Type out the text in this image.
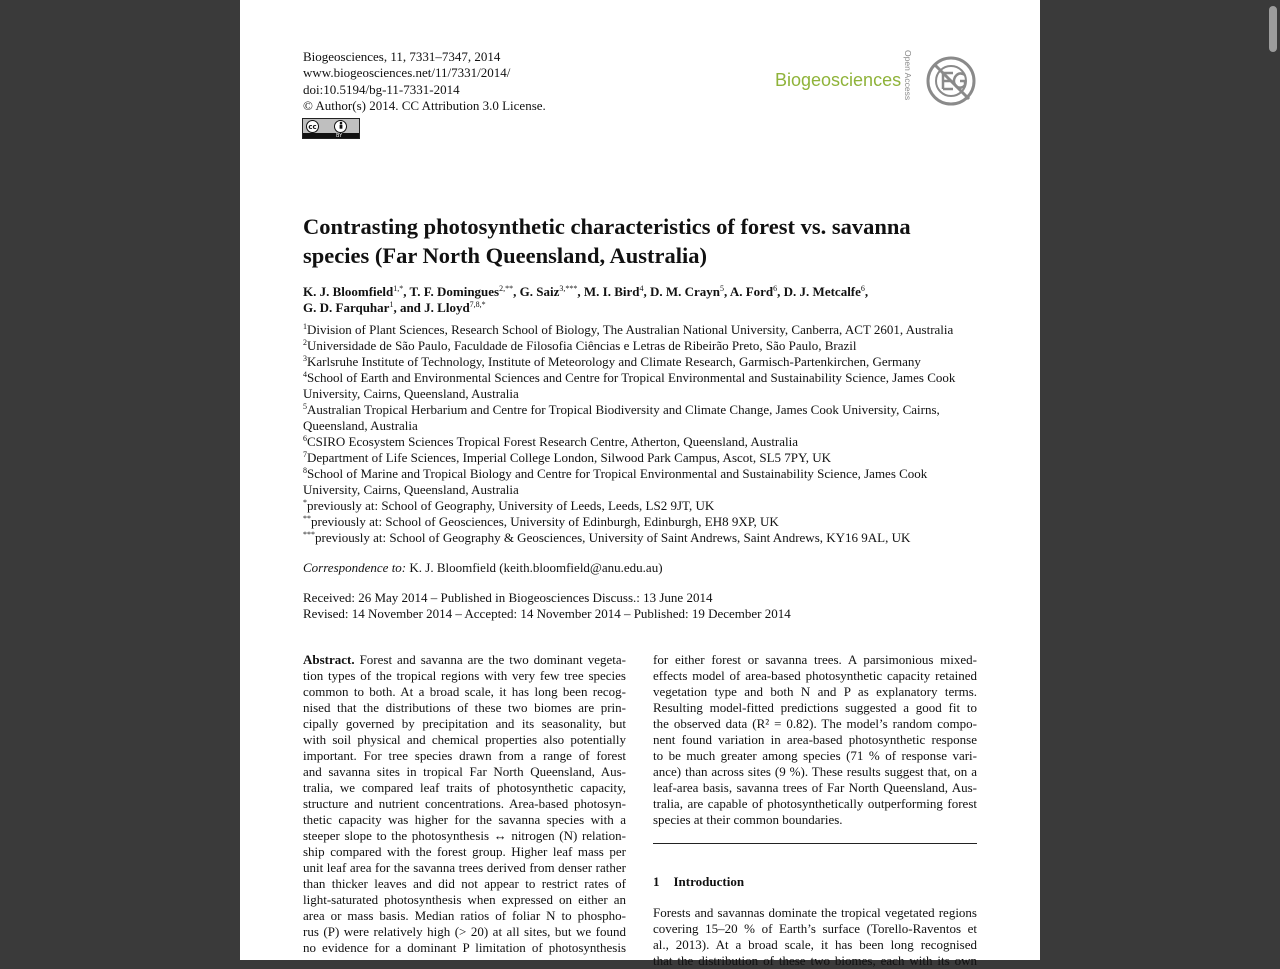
Biogeosciences, 11, 7331–7347, 2014
www.biogeosciences.net/11/7331/2014/
doi:10.5194/bg-11-7331-2014
© Author(s) 2014. CC Attribution 3.0 License.
cc
BY
Biogeosciences Open Access
Contrasting photosynthetic characteristics of forest vs. savanna
species (Far North Queensland, Australia)
K. J. Bloomfield$^{1,*}$, T. F. Domingues$^{2,**}$, G. Saiz$^{3,***}$, M. I. Bird$^4$, D. M. Crayn$^5$, A. Ford$^6$, D. J. Metcalfe$^6$,
G. D. Farquhar$^1$, and J. Lloyd$^{7,8,*}$
$^1$Division of Plant Sciences, Research School of Biology, The Australian National University, Canberra, ACT 2601, Australia
$^2$Universidade de São Paulo, Faculdade de Filosofia Ciências e Letras de Ribeirão Preto, São Paulo, Brazil
$^3$Karlsruhe Institute of Technology, Institute of Meteorology and Climate Research, Garmisch-Partenkirchen, Germany
$^4$School of Earth and Environmental Sciences and Centre for Tropical Environmental and Sustainability Science, James Cook University, Cairns, Queensland, Australia
$^5$Australian Tropical Herbarium and Centre for Tropical Biodiversity and Climate Change, James Cook University, Cairns, Queensland, Australia
$^6$CSIRO Ecosystem Sciences Tropical Forest Research Centre, Atherton, Queensland, Australia
$^7$Department of Life Sciences, Imperial College London, Silwood Park Campus, Ascot, SL5 7PY, UK
$^8$School of Marine and Tropical Biology and Centre for Tropical Environmental and Sustainability Science, James Cook University, Cairns, Queensland, Australia
*previously at: School of Geography, University of Leeds, Leeds, LS2 9JT, UK
**previously at: School of Geosciences, University of Edinburgh, Edinburgh, EH8 9XP, UK
***previously at: School of Geography & Geosciences, University of Saint Andrews, Saint Andrews, KY16 9AL, UK
Correspondence to: K. J. Bloomfield (keith.bloomfield@anu.edu.au)
Received: 26 May 2014 – Published in Biogeosciences Discuss.: 13 June 2014
Revised: 14 November 2014 – Accepted: 14 November 2014 – Published: 19 December 2014
Abstract. Forest and savanna are the two dominant vegeta-
tion types of the tropical regions with very few tree species
common to both. At a broad scale, it has long been recog-
nised that the distributions of these two biomes are prin-
cipally governed by precipitation and its seasonality, but
with soil physical and chemical properties also potentially
important. For tree species drawn from a range of forest
and savanna sites in tropical Far North Queensland, Aus-
tralia, we compared leaf traits of photosynthetic capacity,
structure and nutrient concentrations. Area-based photosyn-
thetic capacity was higher for the savanna species with a
steeper slope to the photosynthesis ↔ nitrogen (N) relation-
ship compared with the forest group. Higher leaf mass per
unit leaf area for the savanna trees derived from denser rather
than thicker leaves and did not appear to restrict rates of
light-saturated photosynthesis when expressed on either an
area or mass basis. Median ratios of foliar N to phospho-
rus (P) were relatively high (> 20) at all sites, but we found
no evidence for a dominant P limitation of photosynthesis
for either forest or savanna trees. A parsimonious mixed-
effects model of area-based photosynthetic capacity retained
vegetation type and both N and P as explanatory terms.
Resulting model-fitted predictions suggested a good fit to
the observed data (R² = 0.82). The model’s random compo-
nent found variation in area-based photosynthetic response
to be much greater among species (71 % of response vari-
ance) than across sites (9 %). These results suggest that, on a
leaf-area basis, savanna trees of Far North Queensland, Aus-
tralia, are capable of photosynthetically outperforming forest
species at their common boundaries.
1 Introduction
Forests and savannas dominate the tropical vegetated regions
covering 15–20 % of Earth’s surface (Torello-Raventos et
al., 2013). At a broad scale, it has been long recognised
that the distribution of these two biomes, each with its own
